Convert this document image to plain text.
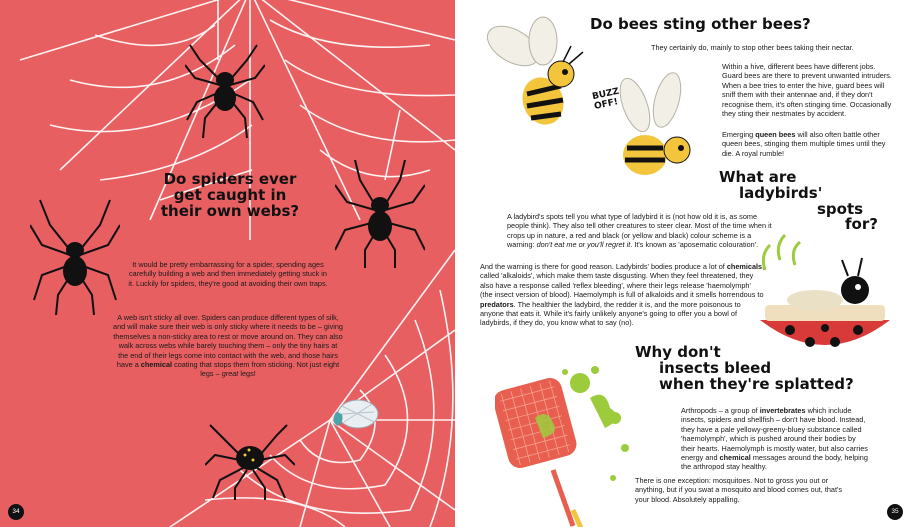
Do spiders ever get caught in their own webs?

It would be pretty embarrassing for a spider, spending ages carefully building a web and then immediately getting stuck in it. Luckily for spiders, they're good at avoiding their own traps.

A web isn't sticky all over. Spiders can produce different types of silk, and will make sure their web is only sticky where it needs to be – giving themselves a non-sticky area to rest or move around on. They can also walk across webs while barely touching them – only the tiny hairs at the end of their legs come into contact with the web, and those hairs have a chemical coating that stops them from sticking. Not just eight legs – great legs!

34
BUZZ OFF!
Do bees sting other bees?

They certainly do, mainly to stop other bees taking their nectar.

Within a hive, different bees have different jobs. Guard bees are there to prevent unwanted intruders. When a bee tries to enter the hive, guard bees will sniff them with their antennae and, if they don't recognise them, it's often stinging time. Occasionally they sting their nestmates by accident.

Emerging queen bees will also often battle other queen bees, stinging them multiple times until they die. A royal rumble!

What are
ladybirds'
spots
for?

A ladybird's spots tell you what type of ladybird it is (not how old it is, as some people think). They also tell other creatures to steer clear. Most of the time when it crops up in nature, a red and black (or yellow and black) colour scheme is a warning: don't eat me or you'll regret it. It's known as 'aposematic colouration'.

And the warning is there for good reason. Ladybirds' bodies produce a lot of chemicals, called 'alkaloids', which make them taste disgusting. When they feel threatened, they also have a response called 'reflex bleeding', where their legs release 'haemolymph' (the insect version of blood). Haemolymph is full of alkaloids and it smells horrendous to predators. The healthier the ladybird, the redder it is, and the more poisonous to anyone that eats it. While it's fairly unlikely anyone's going to offer you a bowl of ladybirds, if they do, you know what to say (no).

Why don't
insects bleed
when they're splatted?

Arthropods – a group of invertebrates which include insects, spiders and shellfish – don't have blood. Instead, they have a pale yellowy-greeny-bluey substance called 'haemolymph', which is pushed around their bodies by their hearts. Haemolymph is mostly water, but also carries energy and chemical messages around the body, helping the arthropod stay healthy.

There is one exception: mosquitoes. Not to gross you out or anything, but if you swat a mosquito and blood comes out, that's your blood. Absolutely appalling.

35
